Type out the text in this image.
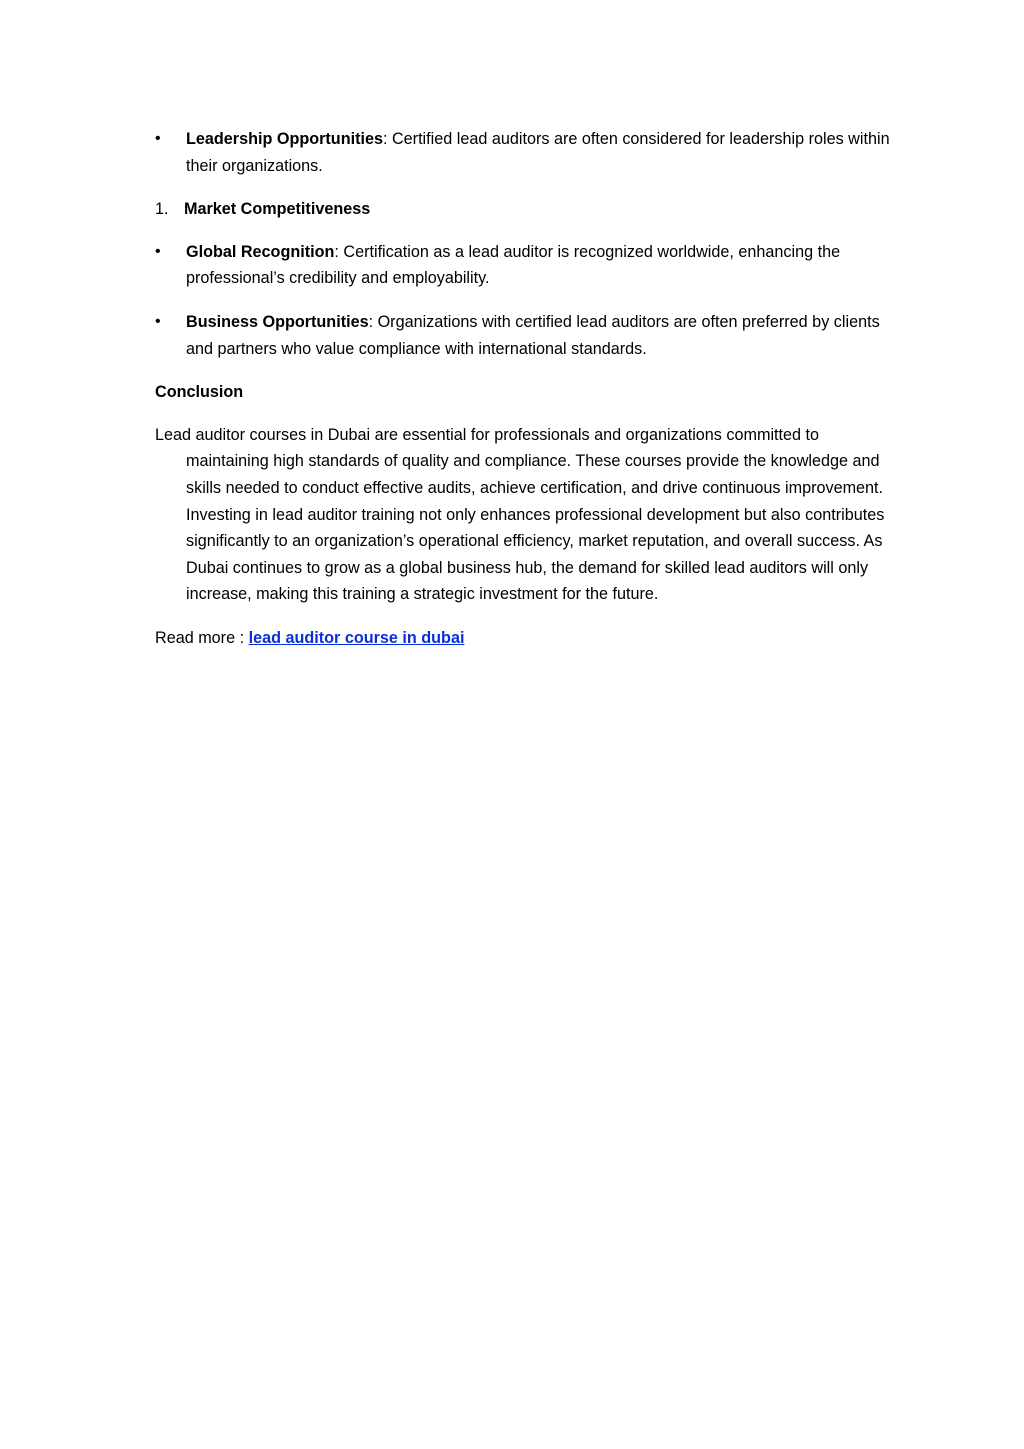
• Leadership Opportunities: Certified lead auditors are often considered for leadership roles within their organizations.
1. Market Competitiveness
• Global Recognition: Certification as a lead auditor is recognized worldwide, enhancing the professional’s credibility and employability.
• Business Opportunities: Organizations with certified lead auditors are often preferred by clients and partners who value compliance with international standards.
Conclusion
Lead auditor courses in Dubai are essential for professionals and organizations committed to maintaining high standards of quality and compliance. These courses provide the knowledge and skills needed to conduct effective audits, achieve certification, and drive continuous improvement. Investing in lead auditor training not only enhances professional development but also contributes significantly to an organization’s operational efficiency, market reputation, and overall success. As Dubai continues to grow as a global business hub, the demand for skilled lead auditors will only increase, making this training a strategic investment for the future.
Read more : lead auditor course in dubai
